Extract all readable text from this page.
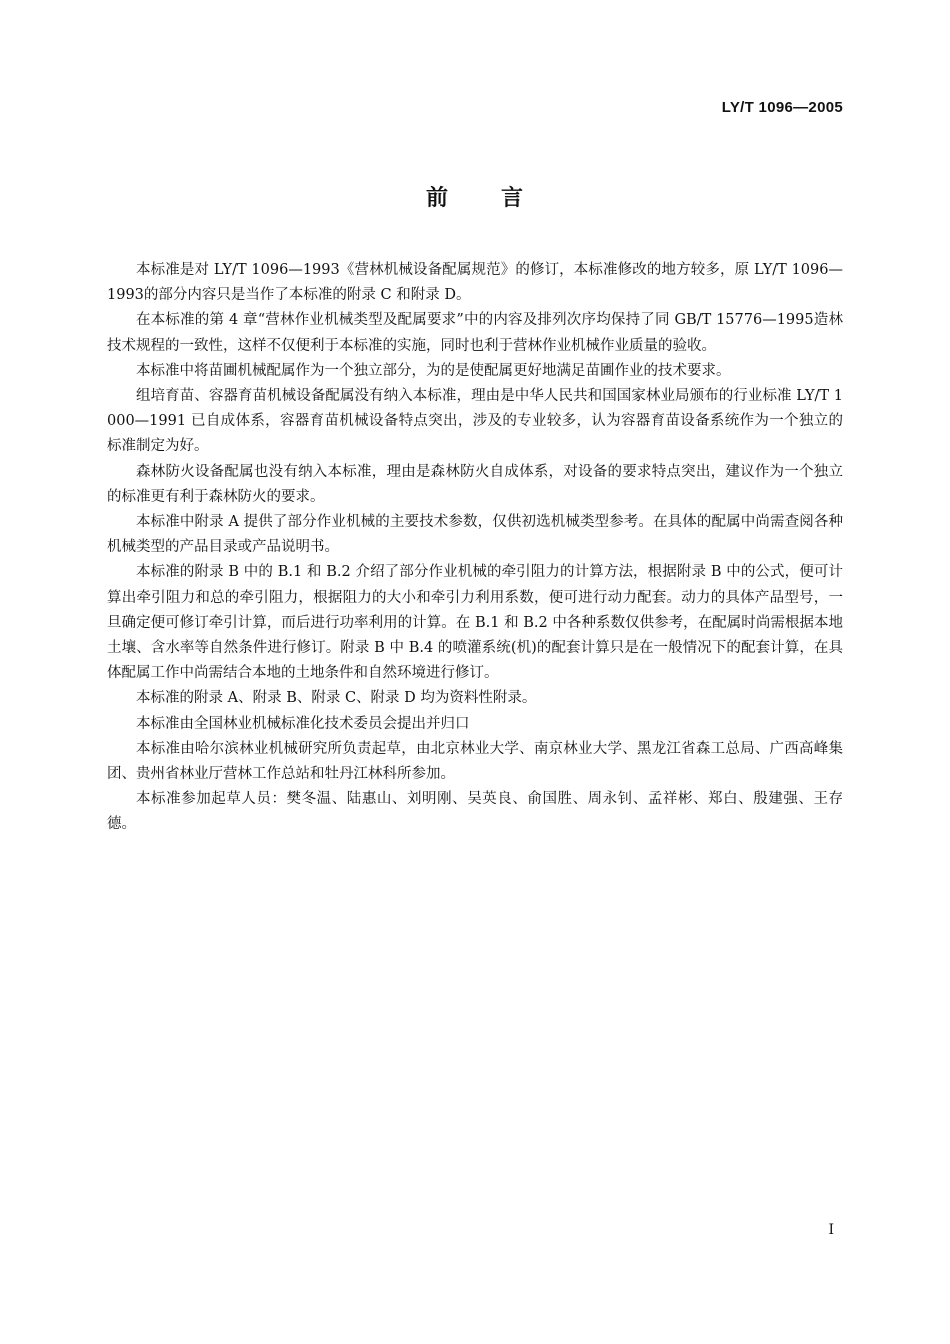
LY/T 1096—2005
前 言

本标准是对 LY/T 1096—1993《营林机械设备配属规范》的修订，本标准修改的地方较多，原 LY/T 1096—1993的部分内容只是当作了本标准的附录 C 和附录 D。

在本标准的第 4 章“营林作业机械类型及配属要求”中的内容及排列次序均保持了同 GB/T 15776—1995造林技术规程的一致性，这样不仅便利于本标准的实施，同时也利于营林作业机械作业质量的验收。

本标准中将苗圃机械配属作为一个独立部分，为的是使配属更好地满足苗圃作业的技术要求。

组培育苗、容器育苗机械设备配属没有纳入本标准，理由是中华人民共和国国家林业局颁布的行业标准 LY/T 1000—1991 已自成体系，容器育苗机械设备特点突出，涉及的专业较多，认为容器育苗设备系统作为一个独立的标准制定为好。

森林防火设备配属也没有纳入本标准，理由是森林防火自成体系，对设备的要求特点突出，建议作为一个独立的标准更有利于森林防火的要求。

本标准中附录 A 提供了部分作业机械的主要技术参数，仅供初选机械类型参考。在具体的配属中尚需查阅各种机械类型的产品目录或产品说明书。

本标准的附录 B 中的 B.1 和 B.2 介绍了部分作业机械的牵引阻力的计算方法，根据附录 B 中的公式，便可计算出牵引阻力和总的牵引阻力，根据阻力的大小和牵引力利用系数，便可进行动力配套。动力的具体产品型号，一旦确定便可修订牵引计算，而后进行功率利用的计算。在 B.1 和 B.2 中各种系数仅供参考，在配属时尚需根据本地土壤、含水率等自然条件进行修订。附录 B 中 B.4 的喷灌系统(机)的配套计算只是在一般情况下的配套计算，在具体配属工作中尚需结合本地的土地条件和自然环境进行修订。

本标准的附录 A、附录 B、附录 C、附录 D 均为资料性附录。

本标准由全国林业机械标准化技术委员会提出并归口

本标准由哈尔滨林业机械研究所负责起草，由北京林业大学、南京林业大学、黑龙江省森工总局、广西高峰集团、贵州省林业厅营林工作总站和牡丹江林科所参加。

本标准参加起草人员：樊冬温、陆惠山、刘明刚、吴英良、俞国胜、周永钊、孟祥彬、郑白、殷建强、王存德。

I
